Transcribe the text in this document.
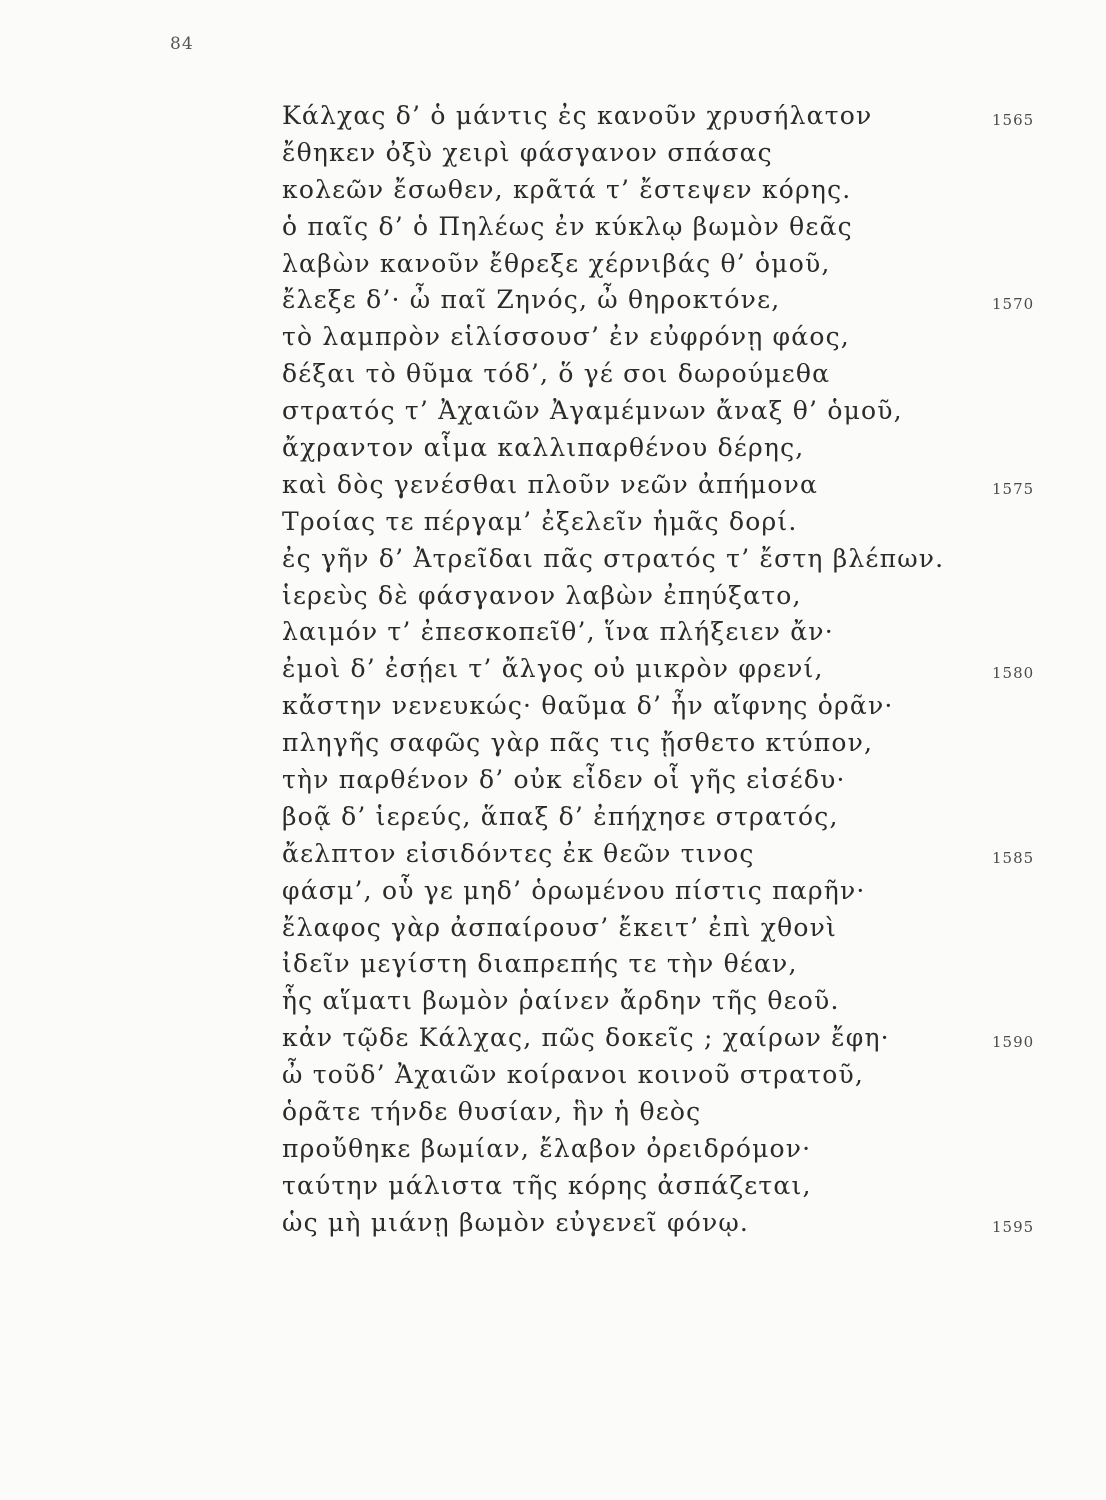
84
Κάλχας δ’ ὁ μάντις ἐς κανοῦν χρυσήλατον	1565
ἔθηκεν ὀξὺ χειρὶ φάσγανον σπάσας
κολεῶν ἔσωθεν, κρᾶτά τ’ ἔστεψεν κόρης.
ὁ παῖς δ’ ὁ Πηλέως ἐν κύκλῳ βωμὸν θεᾶς
λαβὼν κανοῦν ἔθρεξε χέρνιβάς θ’ ὁμοῦ,
ἔλεξε δ’· ὦ παῖ Ζηνός, ὦ θηροκτόνε,	1570
τὸ λαμπρὸν εἱλίσσουσ’ ἐν εὐφρόνῃ φάος,
δέξαι τὸ θῦμα τόδ’, ὅ γέ σοι δωρούμεθα
στρατός τ’ Ἀχαιῶν Ἀγαμέμνων ἄναξ θ’ ὁμοῦ,
ἄχραντον αἷμα καλλιπαρθένου δέρης,
καὶ δὸς γενέσθαι πλοῦν νεῶν ἀπήμονα	1575
Τροίας τε πέργαμ’ ἐξελεῖν ἡμᾶς δορί.
ἐς γῆν δ’ Ἀτρεῖδαι πᾶς στρατός τ’ ἔστη βλέπων.
ἱερεὺς δὲ φάσγανον λαβὼν ἐπηύξατο,
λαιμόν τ’ ἐπεσκοπεῖθ’, ἵνα πλήξειεν ἄν·
ἐμοὶ δ’ ἐσῄει τ’ ἄλγος οὐ μικρὸν φρενί,	1580
κἄστην νενευκώς· θαῦμα δ’ ἦν αἴφνης ὁρᾶν·
πληγῆς σαφῶς γὰρ πᾶς τις ᾔσθετο κτύπον,
τὴν παρθένον δ’ οὐκ εἶδεν οἷ γῆς εἰσέδυ·
βοᾷ δ’ ἱερεύς, ἅπαξ δ’ ἐπήχησε στρατός,
ἄελπτον εἰσιδόντες ἐκ θεῶν τινος	1585
φάσμ’, οὗ γε μηδ’ ὁρωμένου πίστις παρῆν·
ἔλαφος γὰρ ἀσπαίρουσ’ ἔκειτ’ ἐπὶ χθονὶ
ἰδεῖν μεγίστη διαπρεπής τε τὴν θέαν,
ἧς αἵματι βωμὸν ῥαίνεν ἄρδην τῆς θεοῦ.
κἀν τῷδε Κάλχας, πῶς δοκεῖς ; χαίρων ἔφη·	1590
ὦ τοῦδ’ Ἀχαιῶν κοίρανοι κοινοῦ στρατοῦ,
ὁρᾶτε τήνδε θυσίαν, ἣν ἡ θεὸς
προὔθηκε βωμίαν, ἔλαβον ὀρειδρόμον·
ταύτην μάλιστα τῆς κόρης ἀσπάζεται,
ὡς μὴ μιάνῃ βωμὸν εὐγενεῖ φόνῳ.	1595
